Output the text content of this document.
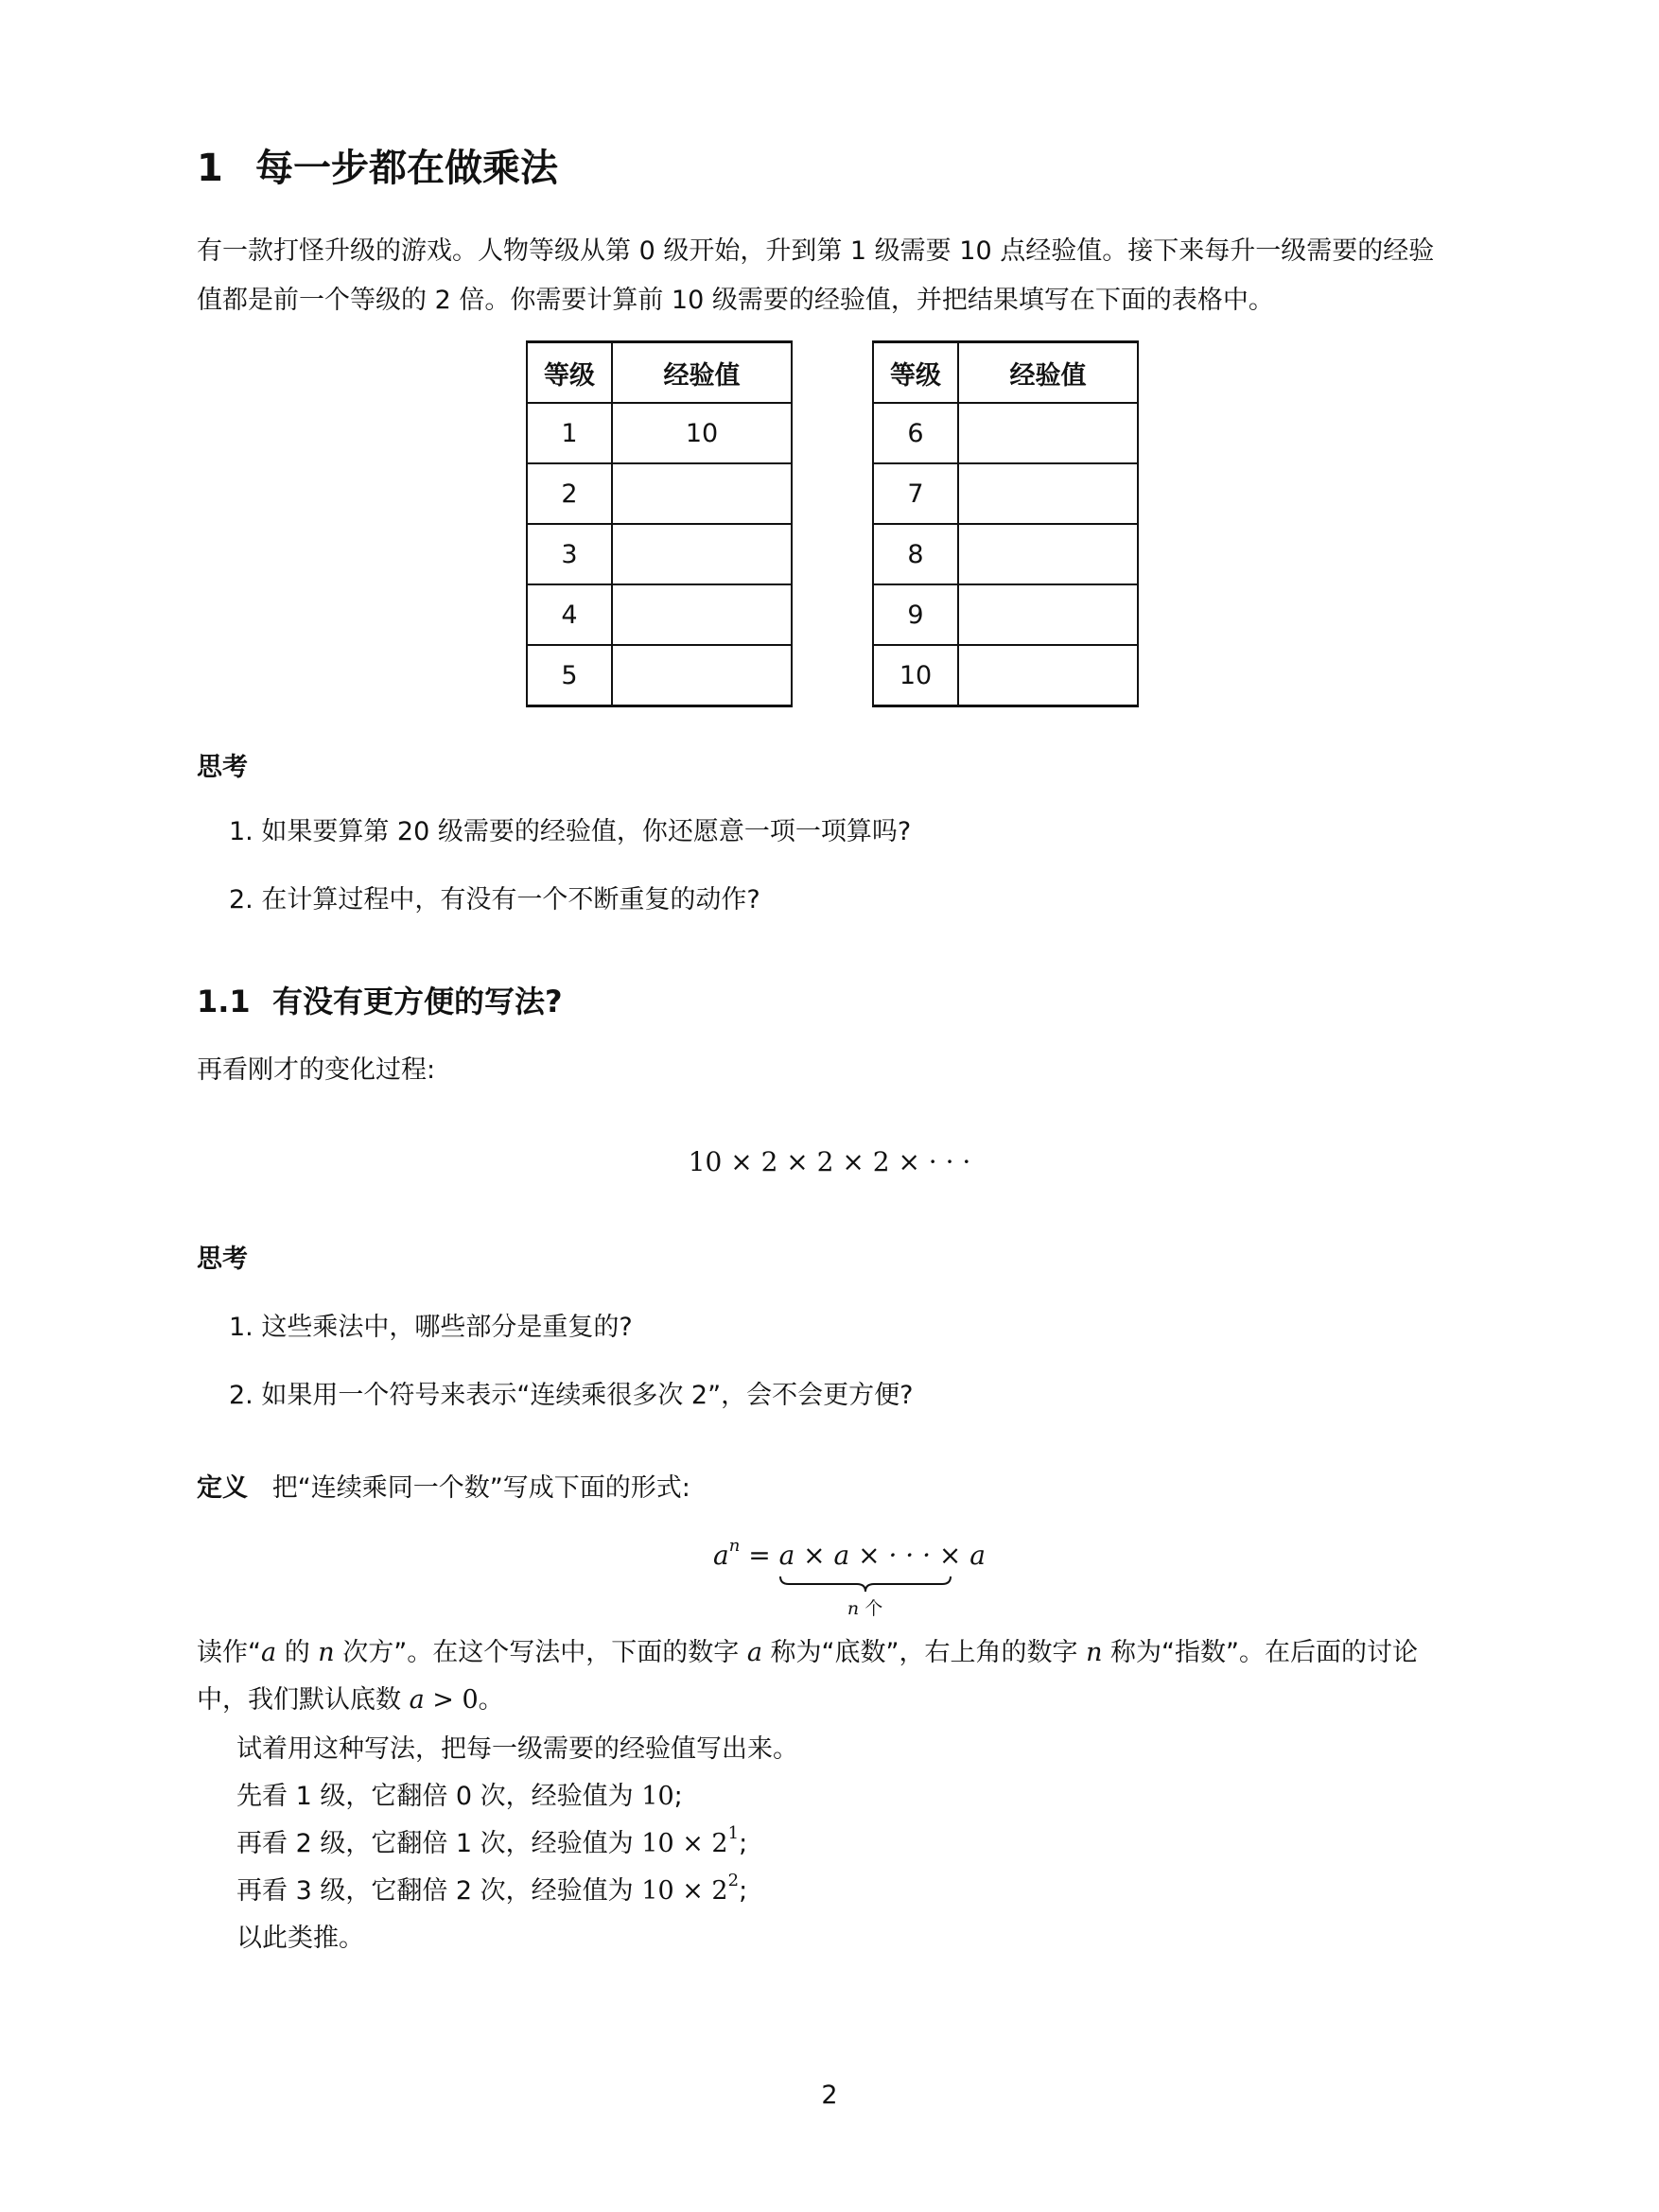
1 每一步都在做乘法
有一款打怪升级的游戏。人物等级从第 0 级开始，升到第 1 级需要 10 点经验值。接下来每升一级需要的经验
值都是前一个等级的 2 倍。你需要计算前 10 级需要的经验值，并把结果填写在下面的表格中。
等级	经验值
1	10
2	
3	
4	
5	
等级	经验值
6	
7	
8	
9	
10	
思考
1. 如果要算第 20 级需要的经验值，你还愿意一项一项算吗?
2. 在计算过程中，有没有一个不断重复的动作?
1.1 有没有更方便的写法?
再看刚才的变化过程:
10 × 2 × 2 × 2 × · · ·
思考
1. 这些乘法中，哪些部分是重复的?
2. 如果用一个符号来表示“连续乘很多次 2”，会不会更方便?
定义 把“连续乘同一个数”写成下面的形式:
$a^n = a \times a$ × · · · × a
n 个
读作“a 的 n 次方”。在这个写法中，下面的数字 a 称为“底数”，右上角的数字 n 称为“指数”。在后面的讨论
中，我们默认底数 a > 0。
试着用这种写法，把每一级需要的经验值写出来。
先看 1 级，它翻倍 0 次，经验值为 10;
再看 2 级，它翻倍 1 次，经验值为 $10 \times 2^1$;
再看 3 级，它翻倍 2 次，经验值为 $10 \times 2^2$;
以此类推。
2
